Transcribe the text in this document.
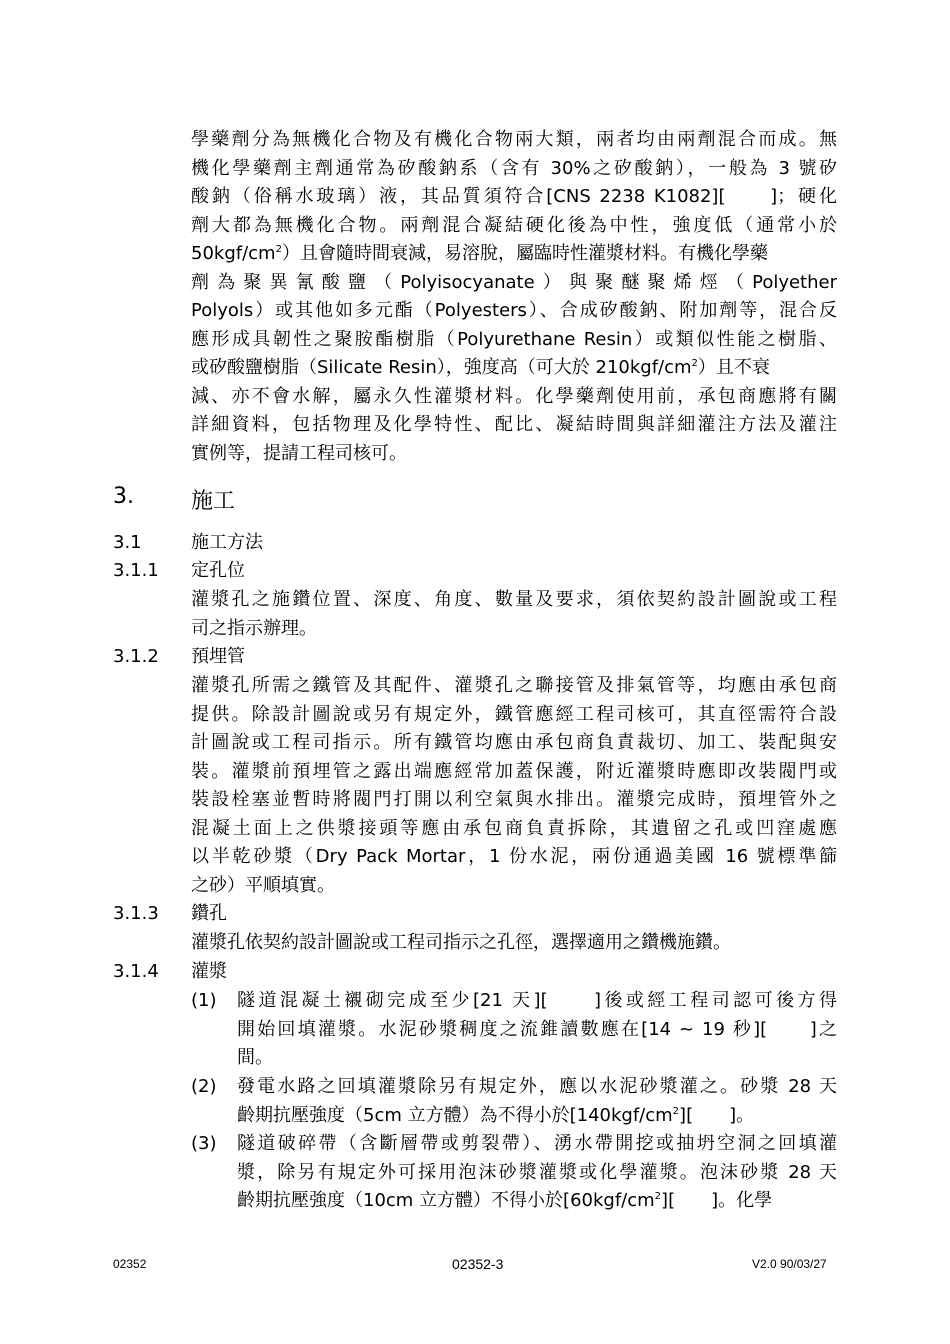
學藥劑分為無機化合物及有機化合物兩大類，兩者均由兩劑混合而成。無
機化學藥劑主劑通常為矽酸鈉系（含有 30%之矽酸鈉），一般為 3 號矽
酸鈉（俗稱水玻璃）液，其品質須符合[CNS 2238 K1082][　　]；硬化
劑大都為無機化合物。兩劑混合凝結硬化後為中性，強度低（通常小於
$50kgf/cm^2$）且會隨時間衰減，易溶脫，屬臨時性灌漿材料。有機化學藥
劑為聚異氰酸鹽（Polyisocyanate）與聚醚聚烯烴（Polyether
Polyols）或其他如多元酯（Polyesters）、合成矽酸鈉、附加劑等，混合反
應形成具韌性之聚胺酯樹脂（Polyurethane Resin）或類似性能之樹脂、
或矽酸鹽樹脂（Silicate Resin），強度高（可大於 $210kgf/cm^2$）且不衰
減、亦不會水解，屬永久性灌漿材料。化學藥劑使用前，承包商應將有關
詳細資料，包括物理及化學特性、配比、凝結時間與詳細灌注方法及灌注
實例等，提請工程司核可。
3.	施工
3.1	施工方法
3.1.1 定孔位
灌漿孔之施鑽位置、深度、角度、數量及要求，須依契約設計圖說或工程
司之指示辦理。
3.1.2 預埋管
灌漿孔所需之鐵管及其配件、灌漿孔之聯接管及排氣管等，均應由承包商
提供。除設計圖說或另有規定外，鐵管應經工程司核可，其直徑需符合設
計圖說或工程司指示。所有鐵管均應由承包商負責裁切、加工、裝配與安
裝。灌漿前預埋管之露出端應經常加蓋保護，附近灌漿時應即改裝閥門或
裝設栓塞並暫時將閥門打開以利空氣與水排出。灌漿完成時，預埋管外之
混凝土面上之供漿接頭等應由承包商負責拆除，其遺留之孔或凹窪處應
以半乾砂漿（Dry Pack Mortar，1 份水泥，兩份通過美國 16 號標準篩
之砂）平順填實。
3.1.3 鑽孔
灌漿孔依契約設計圖說或工程司指示之孔徑，選擇適用之鑽機施鑽。
3.1.4 灌漿
(1) 隧道混凝土襯砌完成至少[21 天][　　]後或經工程司認可後方得
開始回填灌漿。水泥砂漿稠度之流錐讀數應在[14 ~ 19 秒][　　]之
間。
(2) 發電水路之回填灌漿除另有規定外，應以水泥砂漿灌之。砂漿 28 天
齡期抗壓強度（5cm 立方體）為不得小於$[140kgf/cm^2]$[　　]。
(3) 隧道破碎帶（含斷層帶或剪裂帶）、湧水帶開挖或抽坍空洞之回填灌
漿，除另有規定外可採用泡沫砂漿灌漿或化學灌漿。泡沫砂漿 28 天
齡期抗壓強度（10cm 立方體）不得小於$[60kgf/cm^2]$[　　]。化學
02352	02352-3	V2.0 90/03/27
